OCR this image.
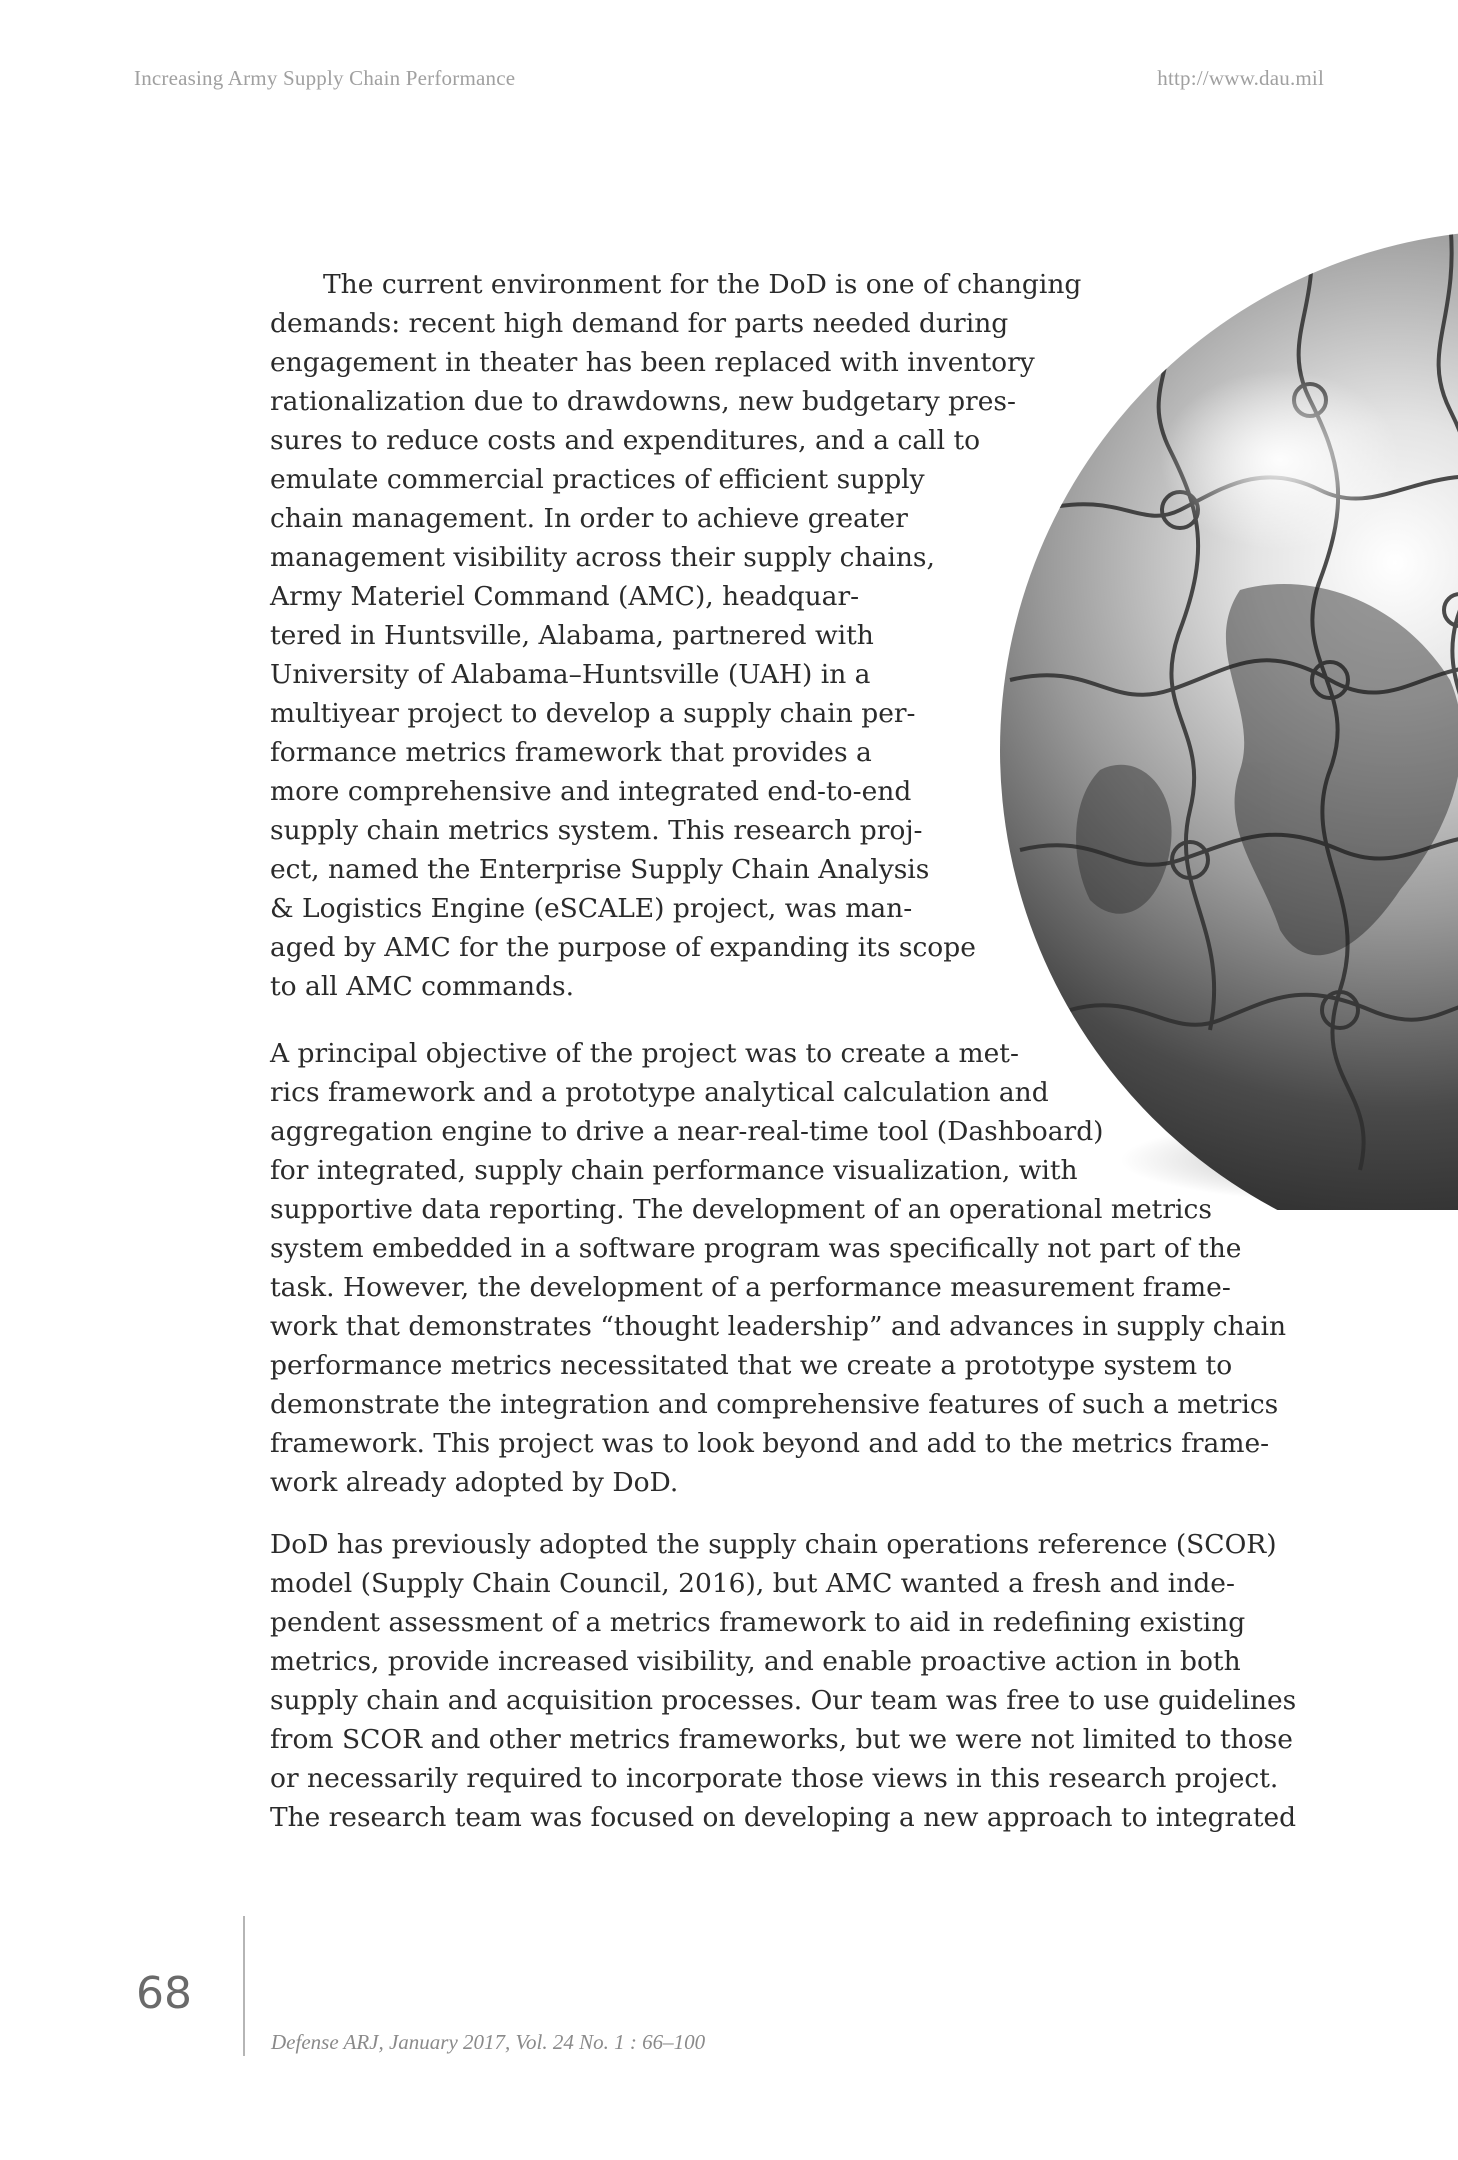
Increasing Army Supply Chain Performance	http://www.dau.mil
  The current environment for the DoD is one of changing
demands: recent high demand for parts needed during
engagement in theater has been replaced with inventory
rationalization due to drawdowns, new budgetary pres-
sures to reduce costs and expenditures, and a call to
emulate commercial practices of efficient supply
chain management. In order to achieve greater
management visibility across their supply chains,
Army Materiel Command (AMC), headquar-
tered in Huntsville, Alabama, partnered with
University of Alabama–Huntsville (UAH) in a
multiyear project to develop a supply chain per-
formance metrics framework that provides a
more comprehensive and integrated end-to-end
supply chain metrics system. This research proj-
ect, named the Enterprise Supply Chain Analysis
& Logistics Engine (eSCALE) project, was man-
aged by AMC for the purpose of expanding its scope
to all AMC commands.
A principal objective of the project was to create a met-
rics framework and a prototype analytical calculation and
aggregation engine to drive a near-real-time tool (Dashboard)
for integrated, supply chain performance visualization, with
supportive data reporting. The development of an operational metrics
system embedded in a software program was specifically not part of the
task. However, the development of a performance measurement frame-
work that demonstrates “thought leadership” and advances in supply chain
performance metrics necessitated that we create a prototype system to
demonstrate the integration and comprehensive features of such a metrics
framework. This project was to look beyond and add to the metrics frame-
work already adopted by DoD.
DoD has previously adopted the supply chain operations reference (SCOR)
model (Supply Chain Council, 2016), but AMC wanted a fresh and inde-
pendent assessment of a metrics framework to aid in redefining existing
metrics, provide increased visibility, and enable proactive action in both
supply chain and acquisition processes. Our team was free to use guidelines
from SCOR and other metrics frameworks, but we were not limited to those
or necessarily required to incorporate those views in this research project.
The research team was focused on developing a new approach to integrated
68
Defense ARJ, January 2017, Vol. 24 No. 1 : 66–100
